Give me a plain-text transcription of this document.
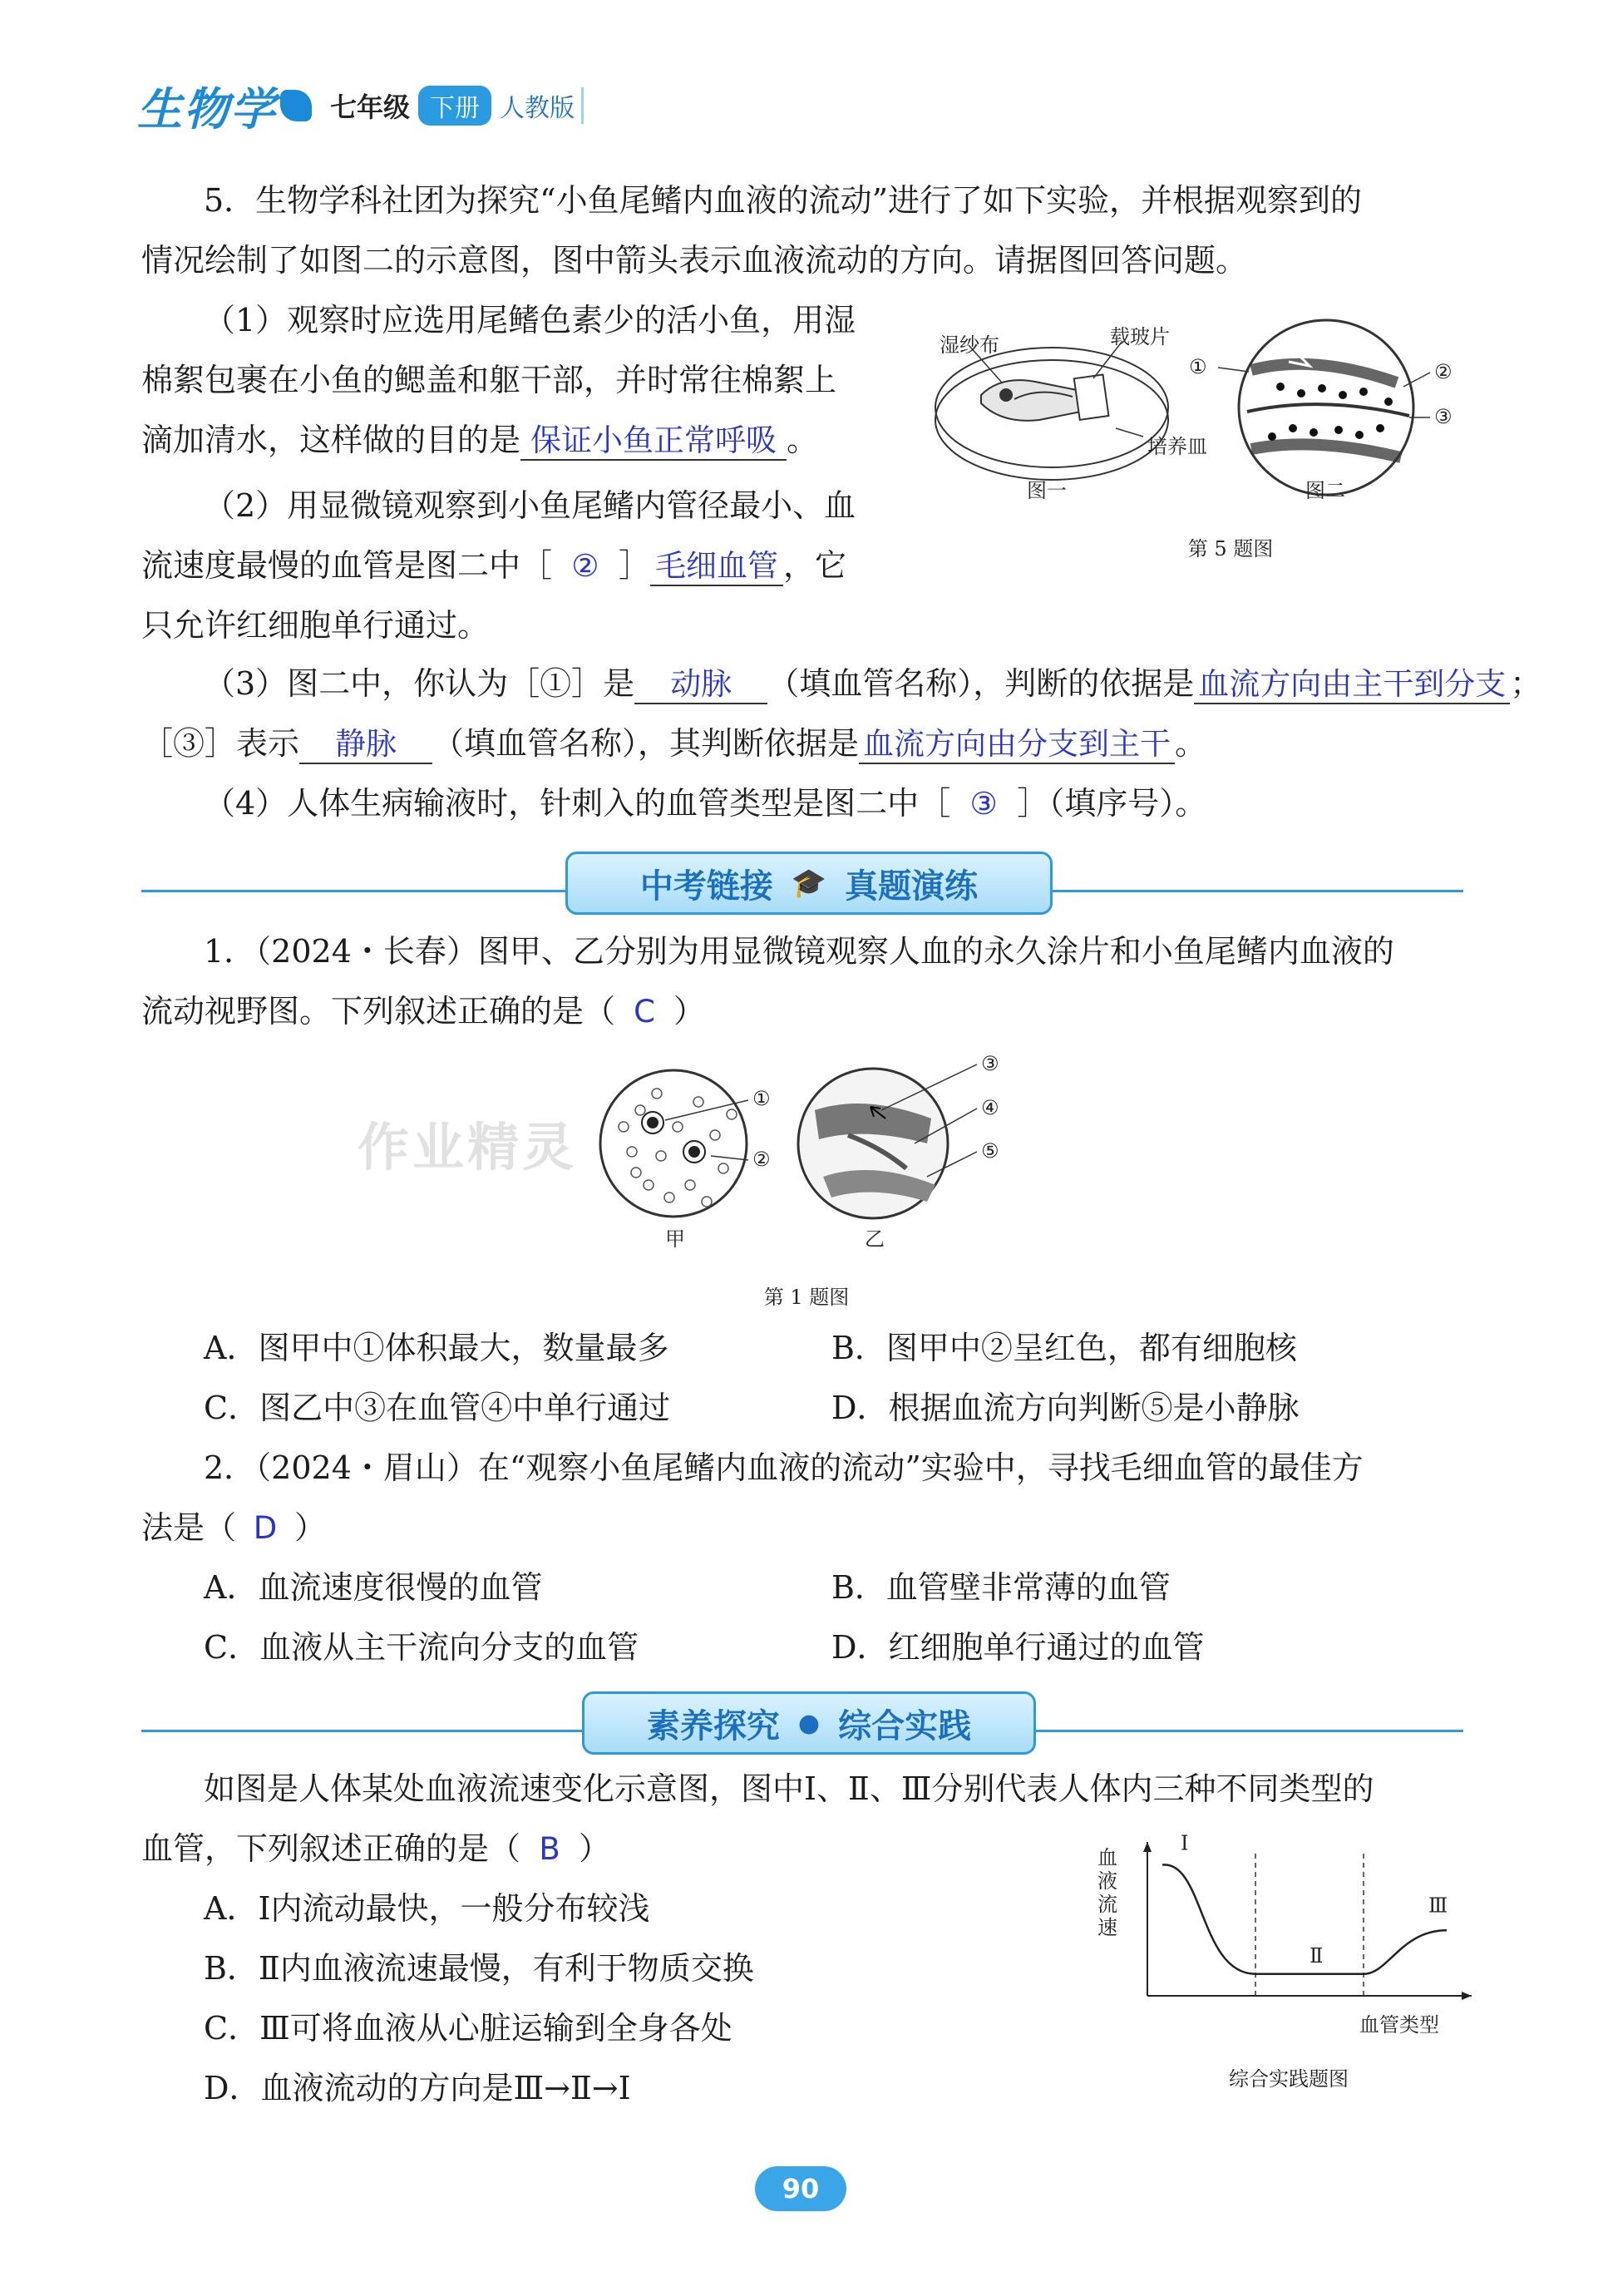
生物学 七年级 下册 人教版
5．生物学科社团为探究“小鱼尾鳍内血液的流动”进行了如下实验，并根据观察到的
情况绘制了如图二的示意图，图中箭头表示血液流动的方向。请据图回答问题。
（1）观察时应选用尾鳍色素少的活小鱼，用湿
棉絮包裹在小鱼的鳃盖和躯干部，并时常往棉絮上
滴加清水，这样做的目的是 保证小鱼正常呼吸 。
（2）用显微镜观察到小鱼尾鳍内管径最小、血
流速度最慢的血管是图二中［ ② ］ 毛细血管 ，它
只允许红细胞单行通过。
（3）图二中，你认为［①］是 动脉 （填血管名称），判断的依据是 血流方向由主干到分支 ；
［③］表示 静脉 （填血管名称），其判断依据是 血流方向由分支到主干 。
（4）人体生病输液时，针刺入的血管类型是图二中［ ③ ］（填序号）。
湿纱布	载玻片
培养皿
图一	图二
①	②
③
第 5 题图
中考链接 🎓 真题演练
1．（2024・长春）图甲、乙分别为用显微镜观察人血的永久涂片和小鱼尾鳍内血液的
流动视野图。下列叙述正确的是（ C ）
①
②
③
④
⑤
甲	乙
第 1 题图
作业精灵
A．图甲中①体积最大，数量最多	B．图甲中②呈红色，都有细胞核
C．图乙中③在血管④中单行通过	D．根据血流方向判断⑤是小静脉
2．（2024・眉山）在“观察小鱼尾鳍内血液的流动”实验中，寻找毛细血管的最佳方
法是（ D ）
A．血流速度很慢的血管	B．血管壁非常薄的血管
C．血液从主干流向分支的血管	D．红细胞单行通过的血管
素养探究 ● 综合实践
如图是人体某处血液流速变化示意图，图中Ⅰ、Ⅱ、Ⅲ分别代表人体内三种不同类型的
血管，下列叙述正确的是（ B ）
A．Ⅰ内流动最快，一般分布较浅
B．Ⅱ内血液流速最慢，有利于物质交换
C．Ⅲ可将血液从心脏运输到全身各处
D．血液流动的方向是Ⅲ→Ⅱ→Ⅰ
Ⅰ
Ⅱ
Ⅲ
血液流速
血管类型
综合实践题图
90
